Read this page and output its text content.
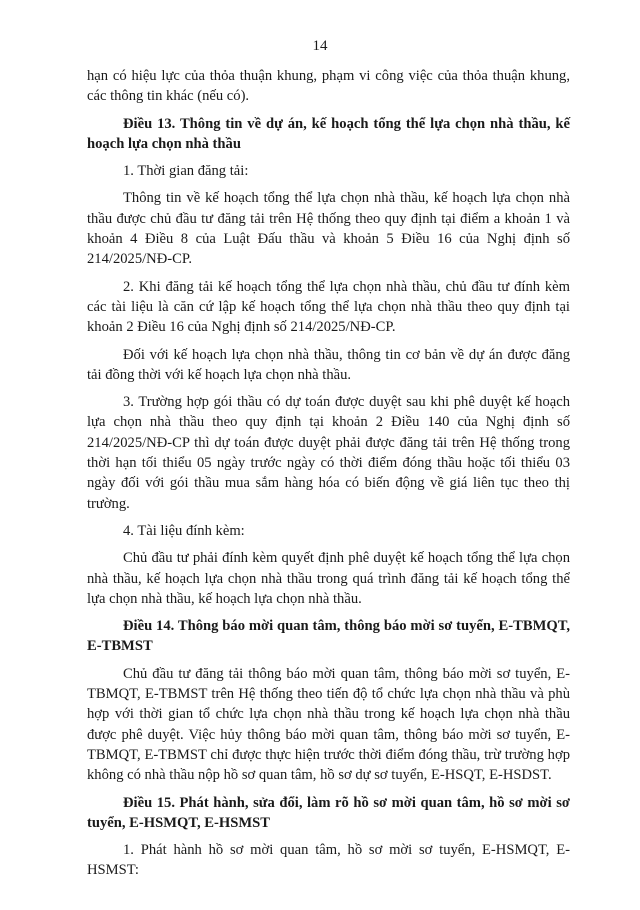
14

hạn có hiệu lực của thỏa thuận khung, phạm vi công việc của thỏa thuận khung, các thông tin khác (nếu có).

Điều 13. Thông tin về dự án, kế hoạch tổng thể lựa chọn nhà thầu, kế hoạch lựa chọn nhà thầu

1. Thời gian đăng tải:

Thông tin về kế hoạch tổng thể lựa chọn nhà thầu, kế hoạch lựa chọn nhà thầu được chủ đầu tư đăng tải trên Hệ thống theo quy định tại điểm a khoản 1 và khoản 4 Điều 8 của Luật Đấu thầu và khoản 5 Điều 16 của Nghị định số 214/2025/NĐ-CP.

2. Khi đăng tải kế hoạch tổng thể lựa chọn nhà thầu, chủ đầu tư đính kèm các tài liệu là căn cứ lập kế hoạch tổng thể lựa chọn nhà thầu theo quy định tại khoản 2 Điều 16 của Nghị định số 214/2025/NĐ-CP.

Đối với kế hoạch lựa chọn nhà thầu, thông tin cơ bản về dự án được đăng tải đồng thời với kế hoạch lựa chọn nhà thầu.

3. Trường hợp gói thầu có dự toán được duyệt sau khi phê duyệt kế hoạch lựa chọn nhà thầu theo quy định tại khoản 2 Điều 140 của Nghị định số 214/2025/NĐ-CP thì dự toán được duyệt phải được đăng tải trên Hệ thống trong thời hạn tối thiểu 05 ngày trước ngày có thời điểm đóng thầu hoặc tối thiểu 03 ngày đối với gói thầu mua sắm hàng hóa có biến động về giá liên tục theo thị trường.

4. Tài liệu đính kèm:

Chủ đầu tư phải đính kèm quyết định phê duyệt kế hoạch tổng thể lựa chọn nhà thầu, kế hoạch lựa chọn nhà thầu trong quá trình đăng tải kế hoạch tổng thể lựa chọn nhà thầu, kế hoạch lựa chọn nhà thầu.

Điều 14. Thông báo mời quan tâm, thông báo mời sơ tuyển, E-TBMQT, E-TBMST

Chủ đầu tư đăng tải thông báo mời quan tâm, thông báo mời sơ tuyển, E-TBMQT, E-TBMST trên Hệ thống theo tiến độ tổ chức lựa chọn nhà thầu và phù hợp với thời gian tổ chức lựa chọn nhà thầu trong kế hoạch lựa chọn nhà thầu được phê duyệt. Việc hủy thông báo mời quan tâm, thông báo mời sơ tuyển, E-TBMQT, E-TBMST chỉ được thực hiện trước thời điểm đóng thầu, trừ trường hợp không có nhà thầu nộp hồ sơ quan tâm, hồ sơ dự sơ tuyển, E-HSQT, E-HSDST.

Điều 15. Phát hành, sửa đổi, làm rõ hồ sơ mời quan tâm, hồ sơ mời sơ tuyển, E-HSMQT, E-HSMST

1. Phát hành hồ sơ mời quan tâm, hồ sơ mời sơ tuyển, E-HSMQT, E-HSMST:
